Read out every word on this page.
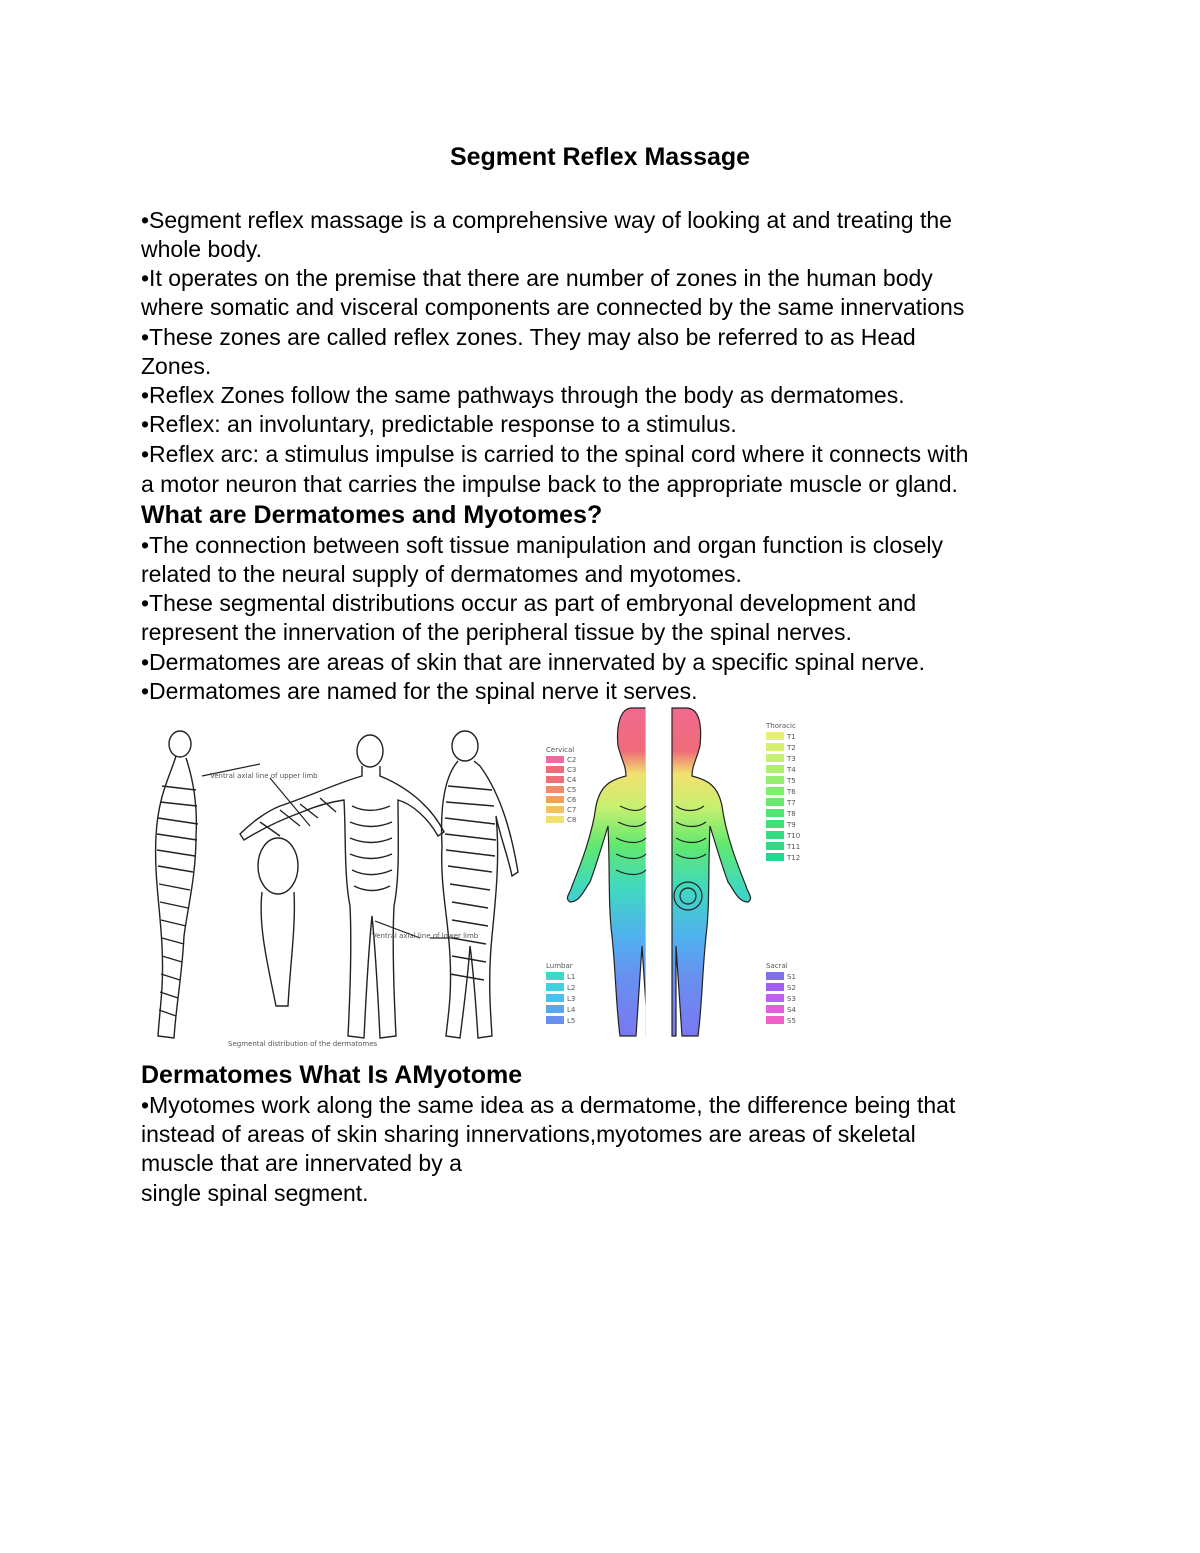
Segment Reflex Massage
•Segment reflex massage is a comprehensive way of looking at and treating the
whole body.
•It operates on the premise that there are number of zones in the human body
where somatic and visceral components are connected by the same innervations
•These zones are called reflex zones. They may also be referred to as Head
Zones.
•Reflex Zones follow the same pathways through the body as dermatomes.
•Reflex: an involuntary, predictable response to a stimulus.
•Reflex arc: a stimulus impulse is carried to the spinal cord where it connects with
a motor neuron that carries the impulse back to the appropriate muscle or gland.
What are Dermatomes and Myotomes?
•The connection between soft tissue manipulation and organ function is closely
related to the neural supply of dermatomes and myotomes.
•These segmental distributions occur as part of embryonal development and
represent the innervation of the peripheral tissue by the spinal nerves.
•Dermatomes are areas of skin that are innervated by a specific spinal nerve.
•Dermatomes are named for the spinal nerve it serves.
Ventral axial line of upper limb
Ventral axial line of lower limb
Segmental distribution of the dermatomes
Cervical
C2
C3
C4
C5
C6
C7
C8
Thoracic
T1
T2
T3
T4
T5
T6
T7
T8
T9
T10
T11
T12
Lumbar
L1
L2
L3
L4
L5
Sacral
S1
S2
S3
S4
S5
Dermatomes What Is AMyotome
•Myotomes work along the same idea as a dermatome, the difference being that
instead of areas of skin sharing innervations,myotomes are areas of skeletal
muscle that are innervated by a
single spinal segment.
